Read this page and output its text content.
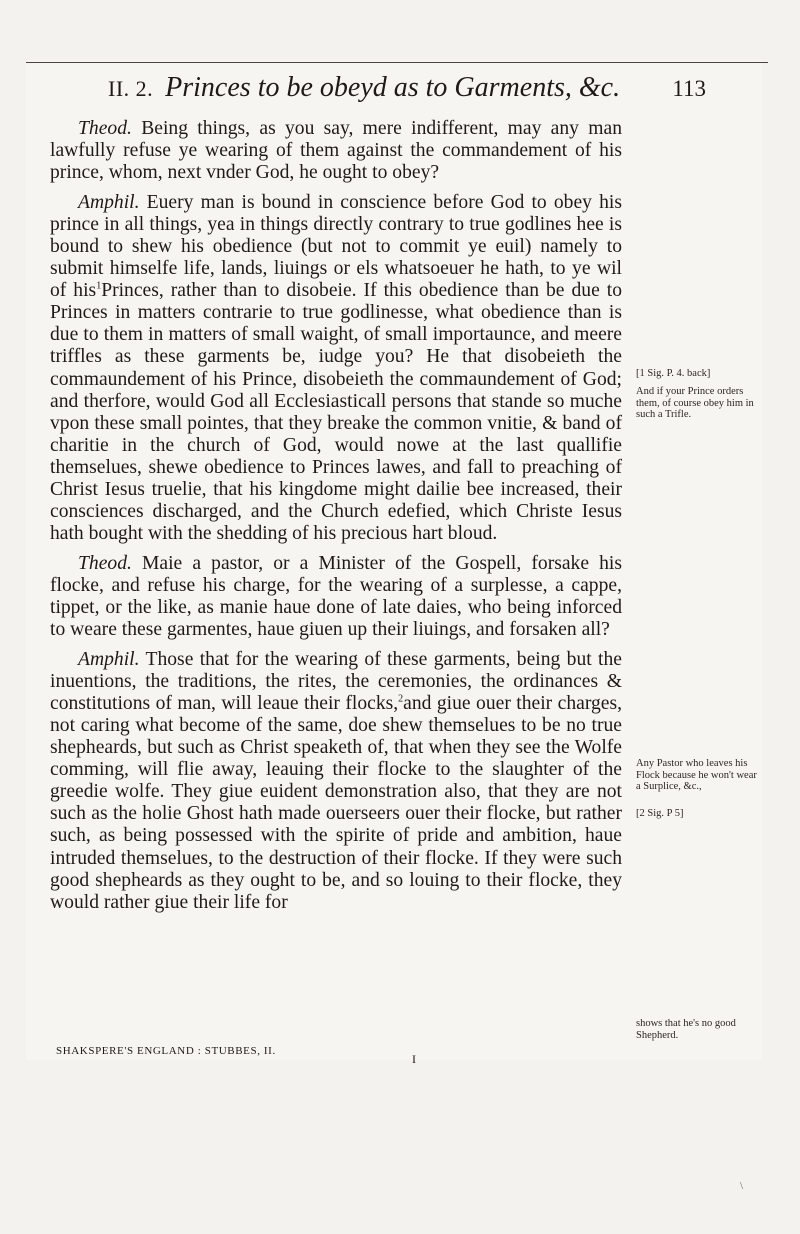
II. 2. Princes to be obeyd as to Garments, &c.	113

Theod. Being things, as you say, mere indifferent, may any man lawfully refuse ye wearing of them against the commandement of his prince, whom, next vnder God, he ought to obey?

Amphil. Euery man is bound in conscience before God to obey his prince in all things, yea in things directly contrary to true godlines hee is bound to shew his obedience (but not to commit ye euil) namely to submit himselfe life, lands, liuings or els whatsoeuer he hath, to ye wil of his$^1$Princes, rather than to disobeie. If this obedience than be due to Princes in matters contrarie to true godlinesse, what obedience than is due to them in matters of small waight, of small importaunce, and meere triffles as these garments be, iudge you? He that disobeieth the commaundement of his Prince, disobeieth the commaundement of God; and therfore, would God all Ecclesiasticall persons that stande so muche vpon these small pointes, that they breake the common vnitie, & band of charitie in the church of God, would nowe at the last quallifie themselues, shewe obedience to Princes lawes, and fall to preaching of Christ Iesus truelie, that his kingdome might dailie bee increased, their consciences discharged, and the Church edefied, which Christe Iesus hath bought with the shedding of his precious hart bloud.

Theod. Maie a pastor, or a Minister of the Gospell, forsake his flocke, and refuse his charge, for the wearing of a surplesse, a cappe, tippet, or the like, as manie haue done of late daies, who being inforced to weare these garmentes, haue giuen up their liuings, and forsaken all?

Amphil. Those that for the wearing of these garments, being but the inuentions, the traditions, the rites, the ceremonies, the ordinances & constitutions of man, will leaue their flocks,$^2$and giue ouer their charges, not caring what become of the same, doe shew themselues to be no true shepheards, but such as Christ speaketh of, that when they see the Wolfe comming, will flie away, leauing their flocke to the slaughter of the greedie wolfe. They giue euident demonstration also, that they are not such as the holie Ghost hath made ouerseers ouer their flocke, but rather such, as being possessed with the spirite of pride and ambition, haue intruded themselues, to the destruction of their flocke. If they were such good shepheards as they ought to be, and so louing to their flocke, they would rather giue their life for

[1 Sig. P. 4. back]
And if your Prince orders them, of course obey him in such a Trifle.
Any Pastor who leaves his Flock because he won't wear a Surplice, &c.,
[2 Sig. P 5]
shows that he's no good Shepherd.
SHAKSPERE'S ENGLAND : STUBBES, II.
I
\
